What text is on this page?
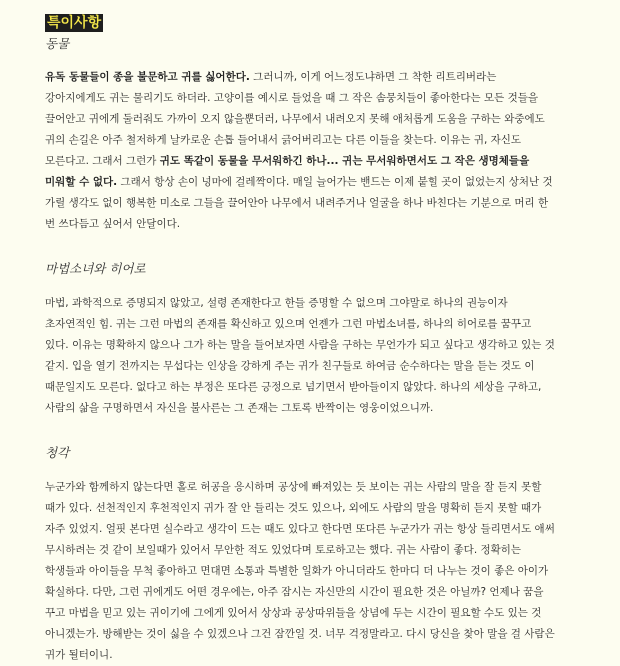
특이사항
동물
유독 동물들이 종을 불문하고 귀를 싫어한다. 그러니까, 이게 어느정도냐하면 그 착한 리트리버라는
강아지에게도 귀는 물리기도 하더라. 고양이를 예시로 들었을 때 그 작은 솜뭉치들이 좋아한다는 모든 것들을
끌어안고 귀에게 둘러줘도 가까이 오지 않을뿐더러, 나무에서 내려오지 못해 애처롭게 도움을 구하는 와중에도
귀의 손길은 아주 철저하게 날카로운 손톱 들어내서 긁어버리고는 다른 이들을 찾는다. 이유는 귀, 자신도
모른다고. 그래서 그런가 귀도 똑같이 동물을 무서워하긴 하나... 귀는 무서워하면서도 그 작은 생명체들을
미워할 수 없다. 그래서 항상 손이 넝마에 걸레짝이다. 매일 늘어가는 밴드는 이제 붙힐 곳이 없었는지 상처난 것
가릴 생각도 없이 행복한 미소로 그들을 끌어안아 나무에서 내려주거나 얼굴을 하나 바친다는 기분으로 머리 한
번 쓰다듬고 싶어서 안달이다.
마법소녀와 히어로
마법, 과학적으로 증명되지 않았고, 설령 존재한다고 한들 증명할 수 없으며 그야말로 하나의 권능이자
초자연적인 힘. 귀는 그런 마법의 존재를 확신하고 있으며 언젠가 그런 마법소녀를, 하나의 히어로를 꿈꾸고
있다. 이유는 명확하지 않으나 그가 하는 말을 들어보자면 사람을 구하는 무언가가 되고 싶다고 생각하고 있는 것
같지. 입을 열기 전까지는 무섭다는 인상을 강하게 주는 귀가 친구들로 하여금 순수하다는 말을 듣는 것도 이
때문일지도 모른다. 없다고 하는 부정은 또다른 긍정으로 넘기면서 받아들이지 않았다. 하나의 세상을 구하고,
사람의 삶을 구명하면서 자신을 불사른는 그 존재는 그토록 반짝이는 영웅이었으니까.
청각
누군가와 함께하지 않는다면 홀로 허공을 응시하며 공상에 빠져있는 듯 보이는 귀는 사람의 말을 잘 듣지 못할
때가 있다. 선천적인지 후천적인지 귀가 잘 안 들리는 것도 있으나, 외에도 사람의 말을 명확히 듣지 못할 때가
자주 있었지. 얼핏 본다면 실수라고 생각이 드는 때도 있다고 한다면 또다른 누군가가 귀는 항상 들리면서도 애써
무시하려는 것 같이 보일때가 있어서 무안한 적도 있었다며 토로하고는 했다. 귀는 사람이 좋다. 정확히는
학생들과 아이들을 무척 좋아하고 면대면 소통과 특별한 일화가 아니더라도 한마디 더 나누는 것이 좋은 아이가
확실하다. 다만, 그런 귀에게도 어떤 경우에는, 아주 잠시는 자신만의 시간이 필요한 것은 아닐까? 언제나 꿈을
꾸고 마법을 믿고 있는 귀이기에 그에게 있어서 상상과 공상따위들을 상념에 두는 시간이 필요할 수도 있는 것
아니겠는가. 방해받는 것이 싫을 수 있겠으나 그건 잠깐일 것. 너무 걱정말라고. 다시 당신을 찾아 말을 걸 사람은
귀가 될터이니.
